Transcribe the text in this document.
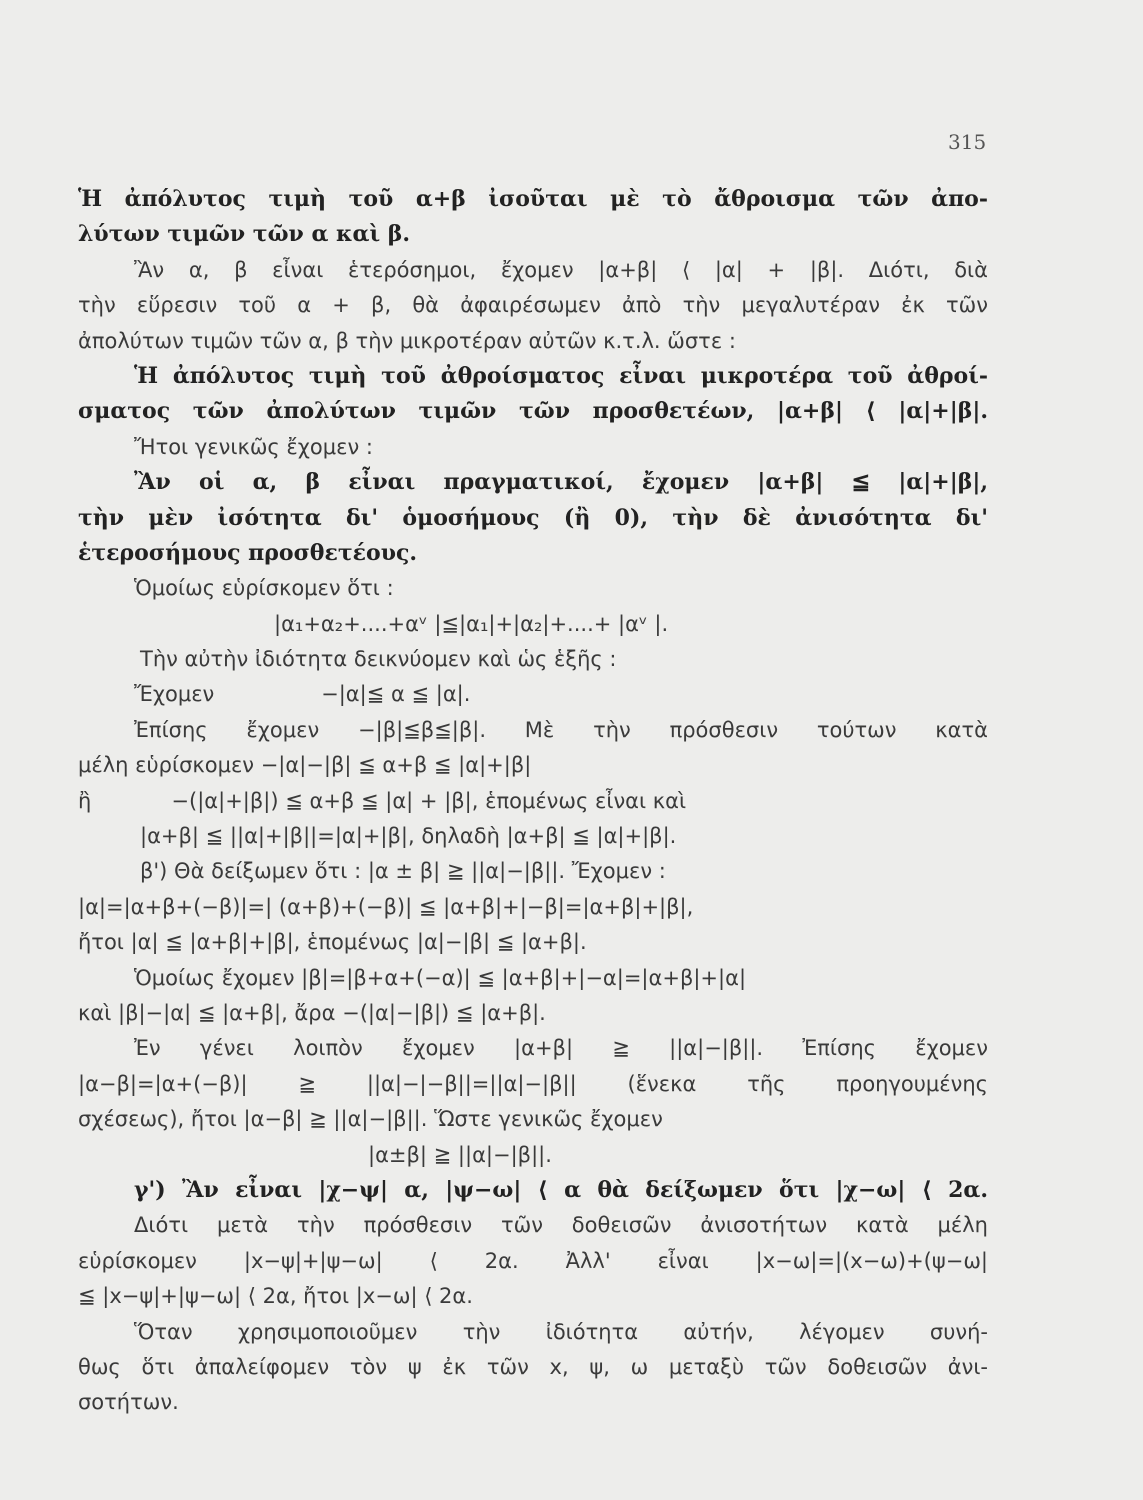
315
Ἡ ἀπόλυτος τιμὴ τοῦ α+β ἰσοῦται μὲ τὸ ἄθροισμα τῶν ἀπο-
λύτων τιμῶν τῶν α καὶ β.
Ἂν α, β εἶναι ἑτερόσημοι, ἔχομεν |α+β| ⟨ |α| + |β|. Διότι, διὰ
τὴν εὕρεσιν τοῦ α + β, θὰ ἀφαιρέσωμεν ἀπὸ τὴν μεγαλυτέραν ἐκ τῶν
ἀπολύτων τιμῶν τῶν α, β τὴν μικροτέραν αὐτῶν κ.τ.λ. ὥστε :
Ἡ ἀπόλυτος τιμὴ τοῦ ἀθροίσματος εἶναι μικροτέρα τοῦ ἀθροί-
σματος τῶν ἀπολύτων τιμῶν τῶν προσθετέων, |α+β| ⟨ |α|+|β|.
Ἤτοι γενικῶς ἔχομεν :
Ἂν οἱ α, β εἶναι πραγματικοί, ἔχομεν |α+β| ≦ |α|+|β|,
τὴν μὲν ἰσότητα δι' ὁμοσήμους (ἢ 0), τὴν δὲ ἀνισότητα δι'
ἑτεροσήμους προσθετέους.
Ὁμοίως εὑρίσκομεν ὅτι :
|α₁+α₂+....+αᵛ |≦|α₁|+|α₂|+....+ |αᵛ |.
Τὴν αὐτὴν ἰδιότητα δεικνύομεν καὶ ὡς ἑξῆς :
Ἔχομεν                −|α|≦ α ≦ |α|.
Ἐπίσης ἔχομεν −|β|≦β≦|β|. Μὲ τὴν πρόσθεσιν τούτων κατὰ
μέλη εὑρίσκομεν −|α|−|β| ≦ α+β ≦ |α|+|β|
ἢ            −(|α|+|β|) ≦ α+β ≦ |α| + |β|, ἑπομένως εἶναι καὶ
|α+β| ≦ ||α|+|β||=|α|+|β|, δηλαδὴ |α+β| ≦ |α|+|β|.
β') Θὰ δείξωμεν ὅτι : |α ± β| ≧ ||α|−|β||. Ἔχομεν :
|α|=|α+β+(−β)|=| (α+β)+(−β)| ≦ |α+β|+|−β|=|α+β|+|β|,
ἤτοι |α| ≦ |α+β|+|β|, ἑπομένως |α|−|β| ≦ |α+β|.
Ὁμοίως ἔχομεν |β|=|β+α+(−α)| ≦ |α+β|+|−α|=|α+β|+|α|
καὶ |β|−|α| ≦ |α+β|, ἄρα −(|α|−|β|) ≦ |α+β|.
Ἐν γένει λοιπὸν ἔχομεν |α+β| ≧ ||α|−|β||. Ἐπίσης ἔχομεν
|α−β|=|α+(−β)| ≧ ||α|−|−β||=||α|−|β|| (ἕνεκα τῆς προηγουμένης
σχέσεως), ἤτοι |α−β| ≧ ||α|−|β||. Ὥστε γενικῶς ἔχομεν
|α±β| ≧ ||α|−|β||.
γ') Ἂν εἶναι |χ−ψ| α, |ψ−ω| ⟨ α θὰ δείξωμεν ὅτι |χ−ω| ⟨ 2α.
Διότι μετὰ τὴν πρόσθεσιν τῶν δοθεισῶν ἀνισοτήτων κατὰ μέλη
εὑρίσκομεν |x−ψ|+|ψ−ω| ⟨ 2α. Ἀλλ' εἶναι |x−ω|=|(x−ω)+(ψ−ω|
≦ |x−ψ|+|ψ−ω| ⟨ 2α, ἤτοι |x−ω| ⟨ 2α.
Ὅταν χρησιμοποιοῦμεν τὴν ἰδιότητα αὐτήν, λέγομεν συνή-
θως ὅτι ἀπαλείφομεν τὸν ψ ἐκ τῶν x, ψ, ω μεταξὺ τῶν δοθεισῶν ἀνι-
σοτήτων.
